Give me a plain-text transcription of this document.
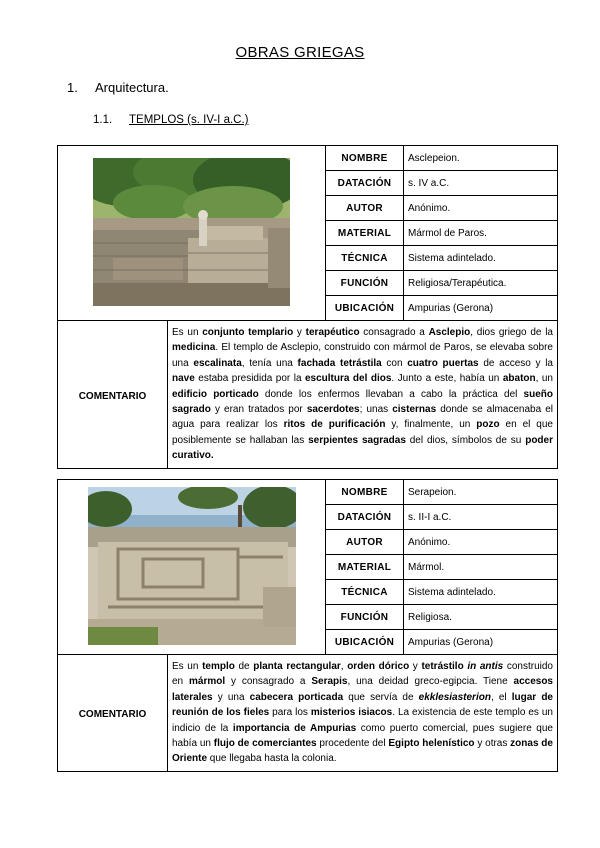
OBRAS GRIEGAS
1. Arquitectura.
1.1. TEMPLOS (s. IV-I a.C.)
	NOMBRE	Asclepeion.
		DATACIÓN	s. IV a.C.
		AUTOR	Anónimo.
		MATERIAL	Mármol de Paros.
		TÉCNICA	Sistema adintelado.
		FUNCIÓN	Religiosa/Terapéutica.
		UBICACIÓN	Ampurias (Gerona)
COMENTARIO	Es un conjunto templario y terapéutico consagrado a Asclepio, dios griego de la medicina. El templo de Asclepio, construido con mármol de Paros, se elevaba sobre una escalinata, tenía una fachada tetrástila con cuatro puertas de acceso y la nave estaba presidida por la escultura del dios. Junto a este, había un abaton, un edificio porticado donde los enfermos llevaban a cabo la práctica del sueño sagrado y eran tratados por sacerdotes; unas cisternas donde se almacenaba el agua para realizar los ritos de purificación y, finalmente, un pozo en el que posiblemente se hallaban las serpientes sagradas del dios, símbolos de su poder curativo.		
	NOMBRE	Serapeion.
		DATACIÓN	s. II-I a.C.
		AUTOR	Anónimo.
		MATERIAL	Mármol.
		TÉCNICA	Sistema adintelado.
		FUNCIÓN	Religiosa.
		UBICACIÓN	Ampurias (Gerona)
COMENTARIO	Es un templo de planta rectangular, orden dórico y tetrástilo in antis construido en mármol y consagrado a Serapis, una deidad greco-egipcia. Tiene accesos laterales y una cabecera porticada que servía de ekklesiasterion, el lugar de reunión de los fieles para los misterios isiacos. La existencia de este templo es un indicio de la importancia de Ampurias como puerto comercial, pues sugiere que había un flujo de comerciantes procedente del Egipto helenístico y otras zonas de Oriente que llegaba hasta la colonia.		
